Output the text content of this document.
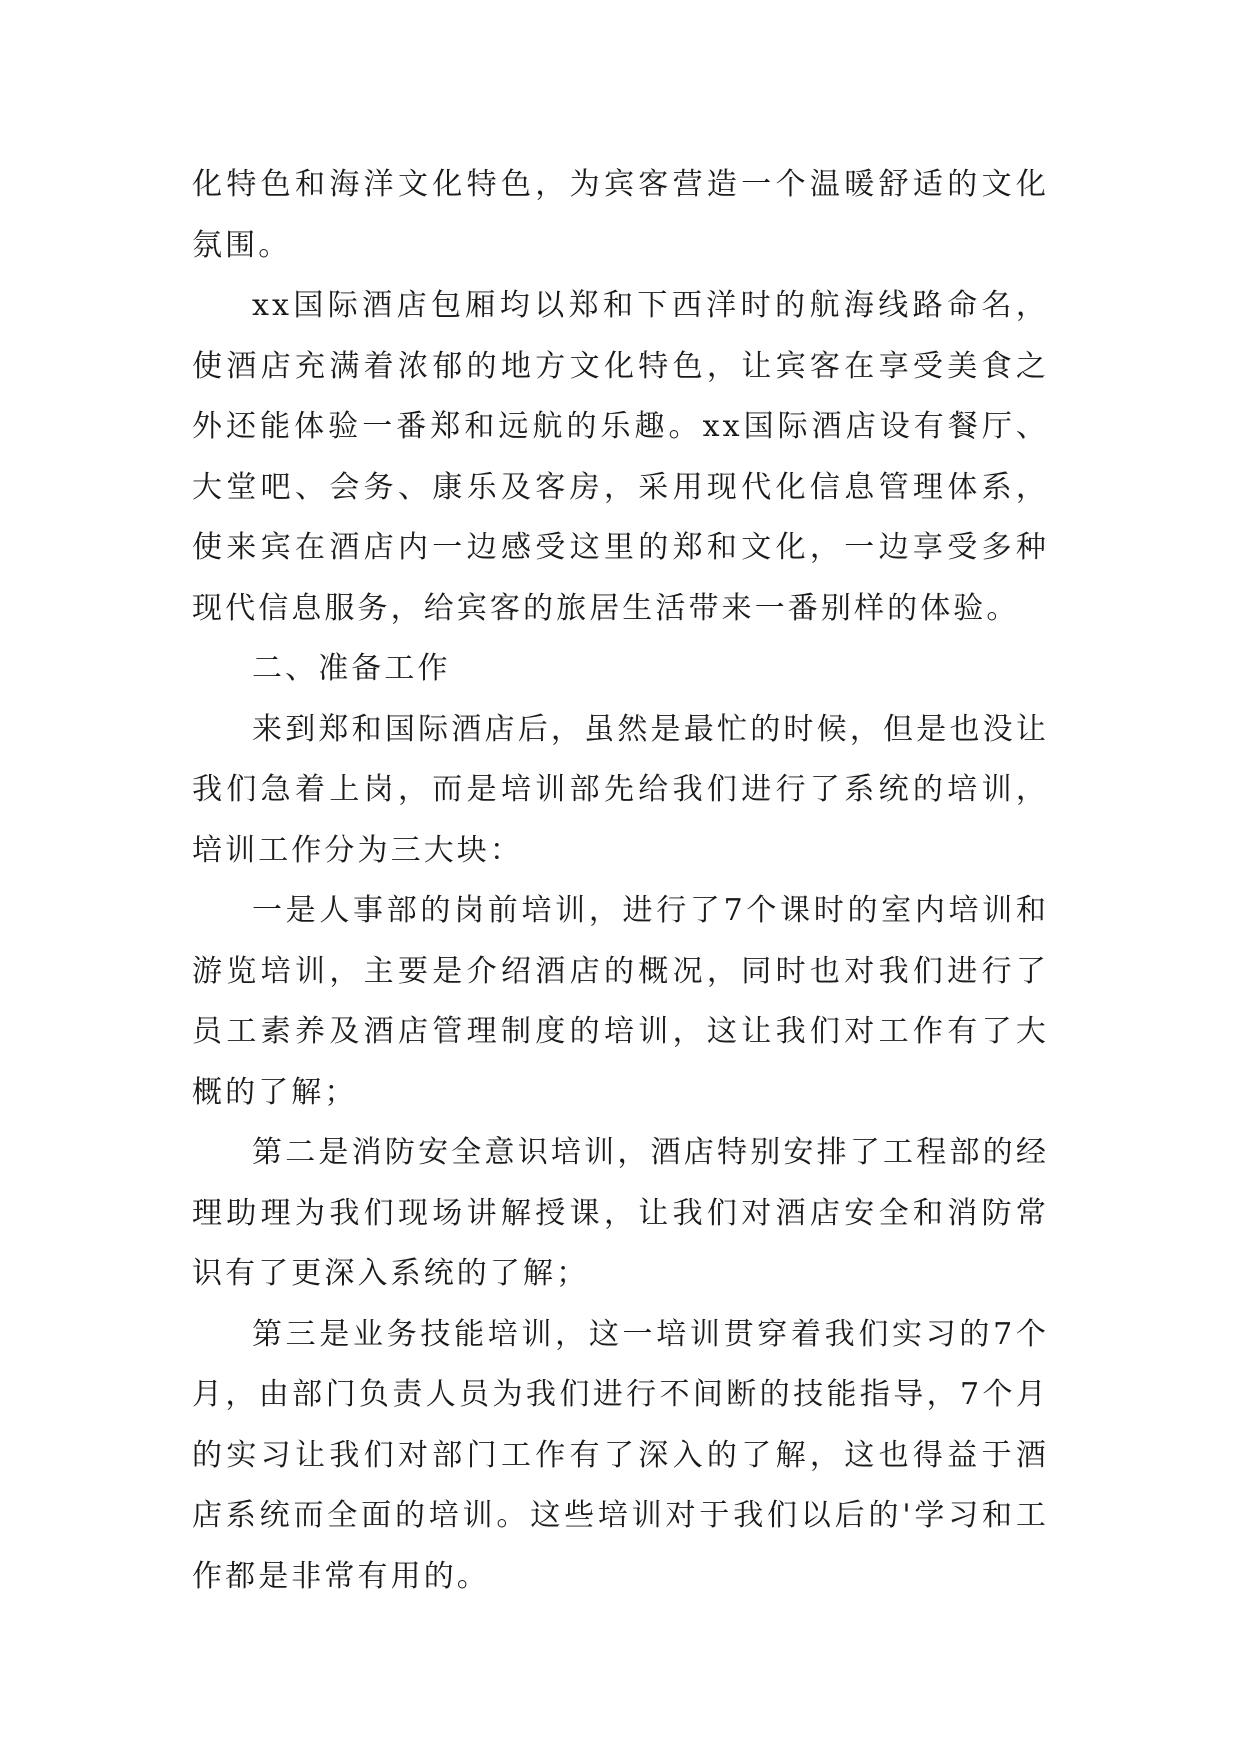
化特色和海洋文化特色，为宾客营造一个温暖舒适的文化氛围。

xx国际酒店包厢均以郑和下西洋时的航海线路命名，使酒店充满着浓郁的地方文化特色，让宾客在享受美食之外还能体验一番郑和远航的乐趣。xx国际酒店设有餐厅、大堂吧、会务、康乐及客房，采用现代化信息管理体系，使来宾在酒店内一边感受这里的郑和文化，一边享受多种现代信息服务，给宾客的旅居生活带来一番别样的体验。

二、准备工作

来到郑和国际酒店后，虽然是最忙的时候，但是也没让我们急着上岗，而是培训部先给我们进行了系统的培训，培训工作分为三大块：

一是人事部的岗前培训，进行了7个课时的室内培训和游览培训，主要是介绍酒店的概况，同时也对我们进行了员工素养及酒店管理制度的培训，这让我们对工作有了大概的了解；

第二是消防安全意识培训，酒店特别安排了工程部的经理助理为我们现场讲解授课，让我们对酒店安全和消防常识有了更深入系统的了解；

第三是业务技能培训，这一培训贯穿着我们实习的7个月，由部门负责人员为我们进行不间断的技能指导，7个月的实习让我们对部门工作有了深入的了解，这也得益于酒店系统而全面的培训。这些培训对于我们以后的'学习和工作都是非常有用的。
